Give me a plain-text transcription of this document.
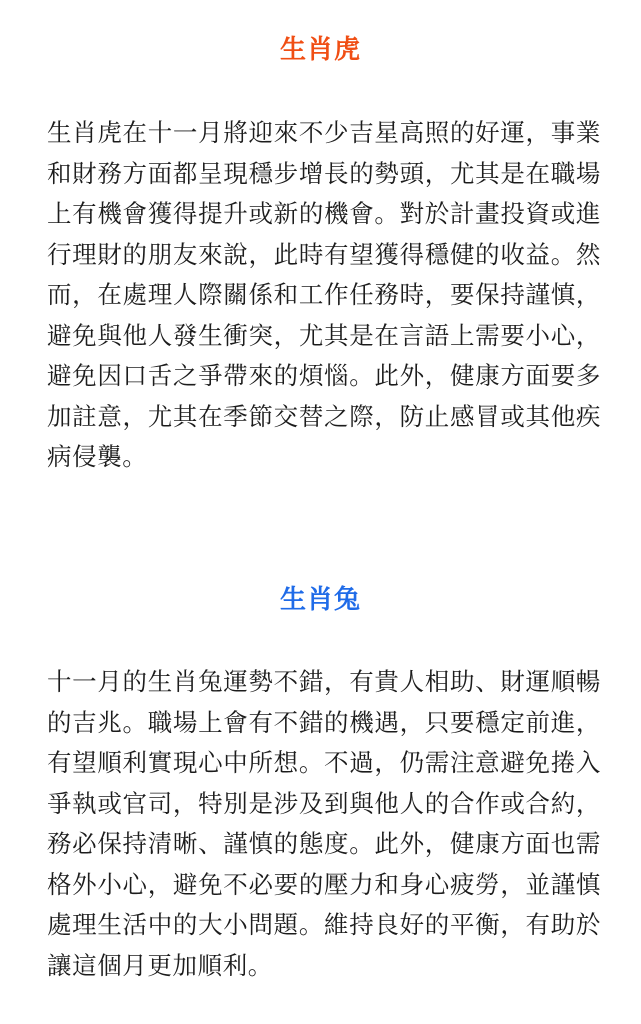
生肖虎

生肖虎在十一月將迎來不少吉星高照的好運，事業和財務方面都呈現穩步增長的勢頭，尤其是在職場上有機會獲得提升或新的機會。對於計畫投資或進行理財的朋友來說，此時有望獲得穩健的收益。然而，在處理人際關係和工作任務時，要保持謹慎，避免與他人發生衝突，尤其是在言語上需要小心，避免因口舌之爭帶來的煩惱。此外，健康方面要多加註意，尤其在季節交替之際，防止感冒或其他疾病侵襲。

生肖兔

十一月的生肖兔運勢不錯，有貴人相助、財運順暢的吉兆。職場上會有不錯的機遇，只要穩定前進，有望順利實現心中所想。不過，仍需注意避免捲入爭執或官司，特別是涉及到與他人的合作或合約，務必保持清晰、謹慎的態度。此外，健康方面也需格外小心，避免不必要的壓力和身心疲勞，並謹慎處理生活中的大小問題。維持良好的平衡，有助於讓這個月更加順利。
